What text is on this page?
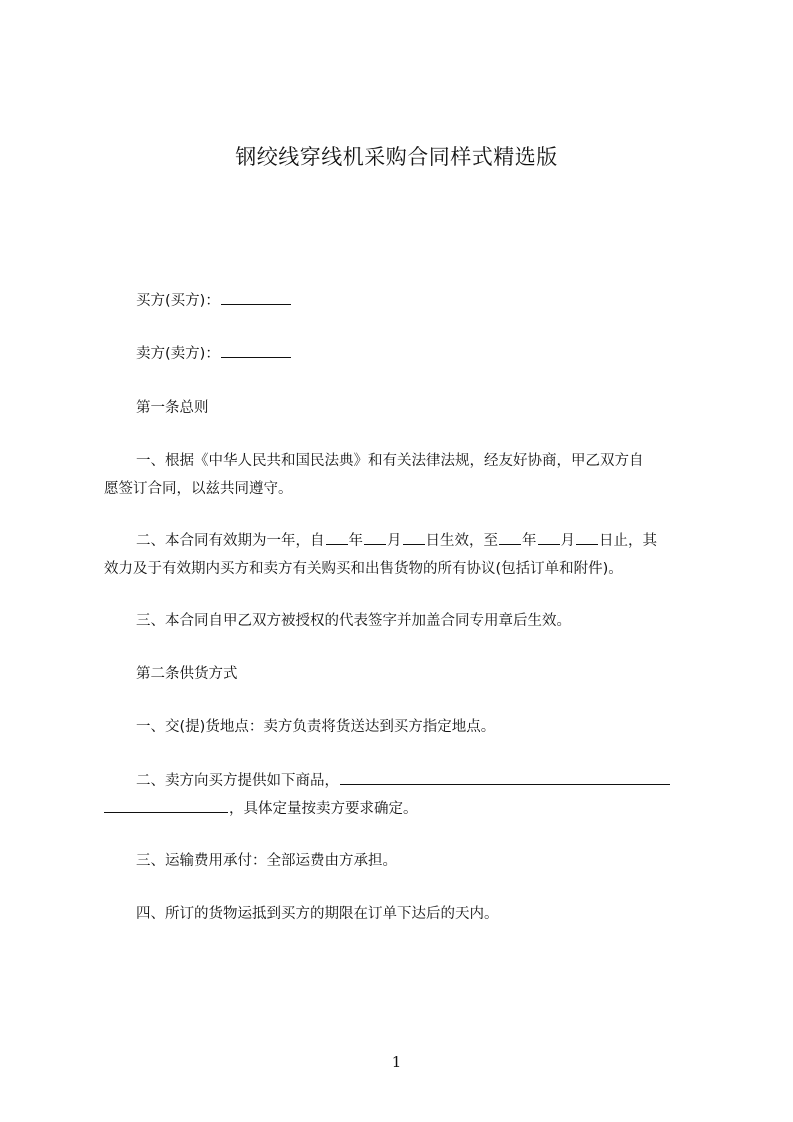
钢绞线穿线机采购合同样式精选版
买方(买方)：
卖方(卖方)：
第一条总则
一、根据《中华人民共和国民法典》和有关法律法规，经友好协商，甲乙双方自
愿签订合同，以兹共同遵守。
二、本合同有效期为一年，自 年 月 日生效，至 年 月 日止，其
效力及于有效期内买方和卖方有关购买和出售货物的所有协议(包括订单和附件)。
三、本合同自甲乙双方被授权的代表签字并加盖合同专用章后生效。
第二条供货方式
一、交(提)货地点：卖方负责将货送达到买方指定地点。
二、卖方向买方提供如下商品，
，具体定量按卖方要求确定。
三、运输费用承付：全部运费由方承担。
四、所订的货物运抵到买方的期限在订单下达后的天内。
1
